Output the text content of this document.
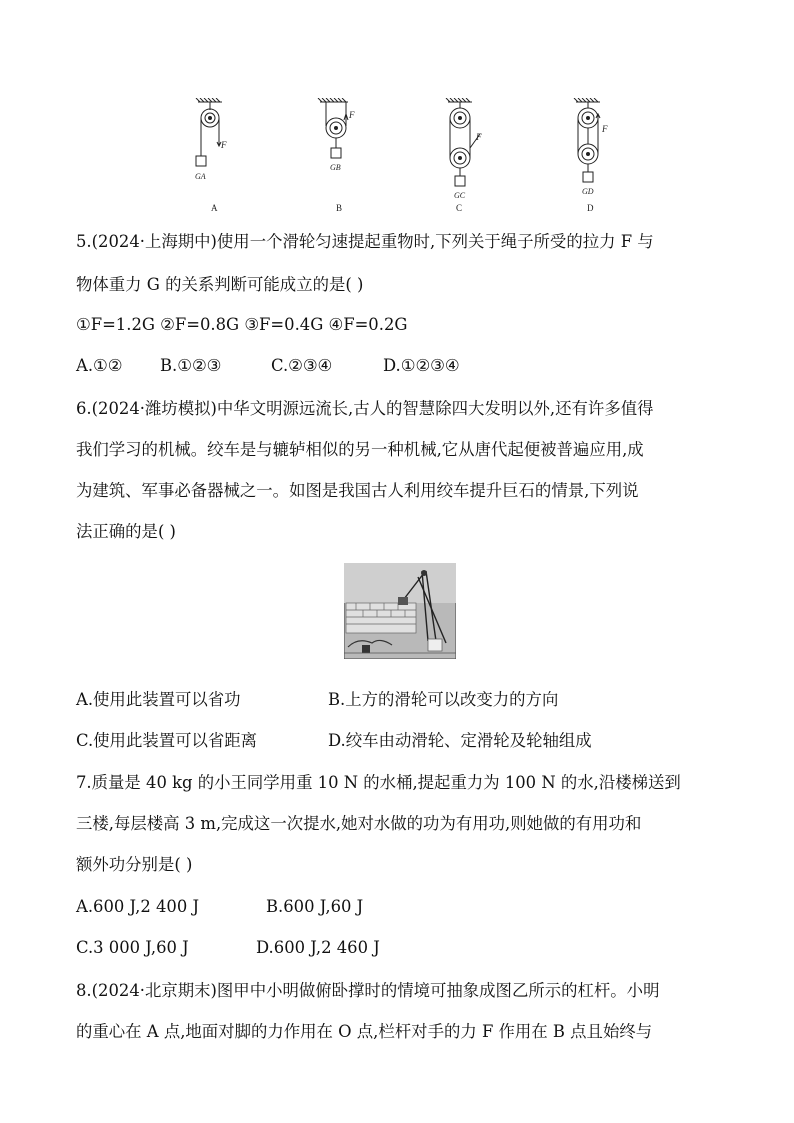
F
F
F
F
GA
GB
GC	GD
A	B	C	D
5.(2024·上海期中)使用一个滑轮匀速提起重物时,下列关于绳子所受的拉力 F 与
物体重力 G 的关系判断可能成立的是( )
①F=1.2G ②F=0.8G ③F=0.4G ④F=0.2G
A.①② B.①②③	C.②③④	D.①②③④
6.(2024·潍坊模拟)中华文明源远流长,古人的智慧除四大发明以外,还有许多值得
我们学习的机械。绞车是与辘轳相似的另一种机械,它从唐代起便被普遍应用,成
为建筑、军事必备器械之一。如图是我国古人利用绞车提升巨石的情景,下列说
法正确的是( )
A.使用此装置可以省功	B.上方的滑轮可以改变力的方向
C.使用此装置可以省距离	D.绞车由动滑轮、定滑轮及轮轴组成
7.质量是 40 kg 的小王同学用重 10 N 的水桶,提起重力为 100 N 的水,沿楼梯送到
三楼,每层楼高 3 m,完成这一次提水,她对水做的功为有用功,则她做的有用功和
额外功分别是( )
A.600 J,2 400 J	B.600 J,60 J
C.3 000 J,60 J	D.600 J,2 460 J
8.(2024·北京期末)图甲中小明做俯卧撑时的情境可抽象成图乙所示的杠杆。小明
的重心在 A 点,地面对脚的力作用在 O 点,栏杆对手的力 F 作用在 B 点且始终与
